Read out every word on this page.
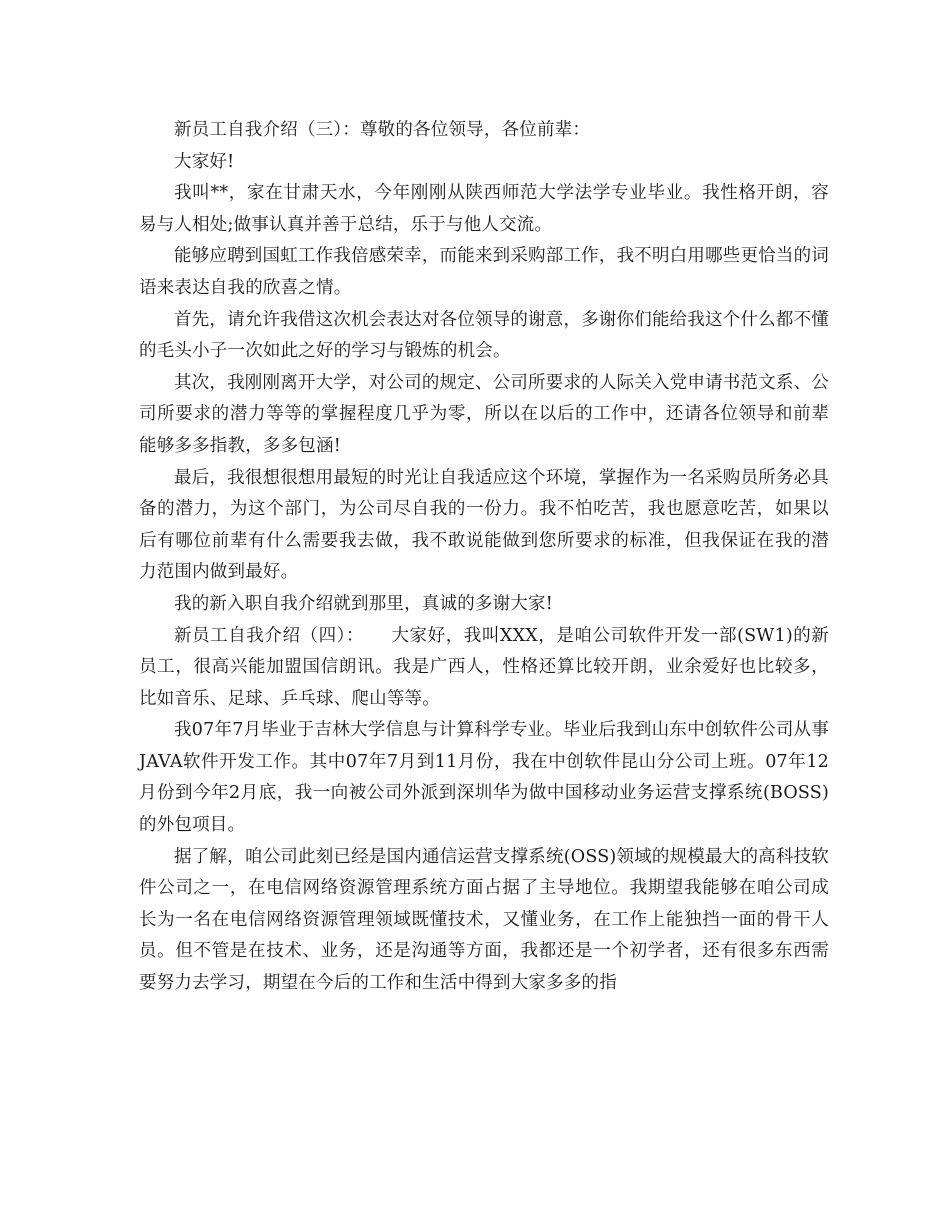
新员工自我介绍（三）：尊敬的各位领导，各位前辈：

大家好!

我叫**，家在甘肃天水，今年刚刚从陕西师范大学法学专业毕业。我性格开朗，容易与人相处;做事认真并善于总结，乐于与他人交流。

能够应聘到国虹工作我倍感荣幸，而能来到采购部工作，我不明白用哪些更恰当的词语来表达自我的欣喜之情。

首先，请允许我借这次机会表达对各位领导的谢意，多谢你们能给我这个什么都不懂的毛头小子一次如此之好的学习与锻炼的机会。

其次，我刚刚离开大学，对公司的规定、公司所要求的人际关入党申请书范文系、公司所要求的潜力等等的掌握程度几乎为零，所以在以后的工作中，还请各位领导和前辈能够多多指教，多多包涵!

最后，我很想很想用最短的时光让自我适应这个环境，掌握作为一名采购员所务必具备的潜力，为这个部门，为公司尽自我的一份力。我不怕吃苦，我也愿意吃苦，如果以后有哪位前辈有什么需要我去做，我不敢说能做到您所要求的标准，但我保证在我的潜力范围内做到最好。

我的新入职自我介绍就到那里，真诚的多谢大家!

新员工自我介绍（四）：　　大家好，我叫XXX，是咱公司软件开发一部(SW1)的新员工，很高兴能加盟国信朗讯。我是广西人，性格还算比较开朗，业余爱好也比较多，比如音乐、足球、乒乓球、爬山等等。

我07年7月毕业于吉林大学信息与计算科学专业。毕业后我到山东中创软件公司从事JAVA软件开发工作。其中07年7月到11月份，我在中创软件昆山分公司上班。07年12月份到今年2月底，我一向被公司外派到深圳华为做中国移动业务运营支撑系统(BOSS)的外包项目。

据了解，咱公司此刻已经是国内通信运营支撑系统(OSS)领域的规模最大的高科技软件公司之一，在电信网络资源管理系统方面占据了主导地位。我期望我能够在咱公司成长为一名在电信网络资源管理领域既懂技术，又懂业务，在工作上能独挡一面的骨干人员。但不管是在技术、业务，还是沟通等方面，我都还是一个初学者，还有很多东西需要努力去学习，期望在今后的工作和生活中得到大家多多的指
